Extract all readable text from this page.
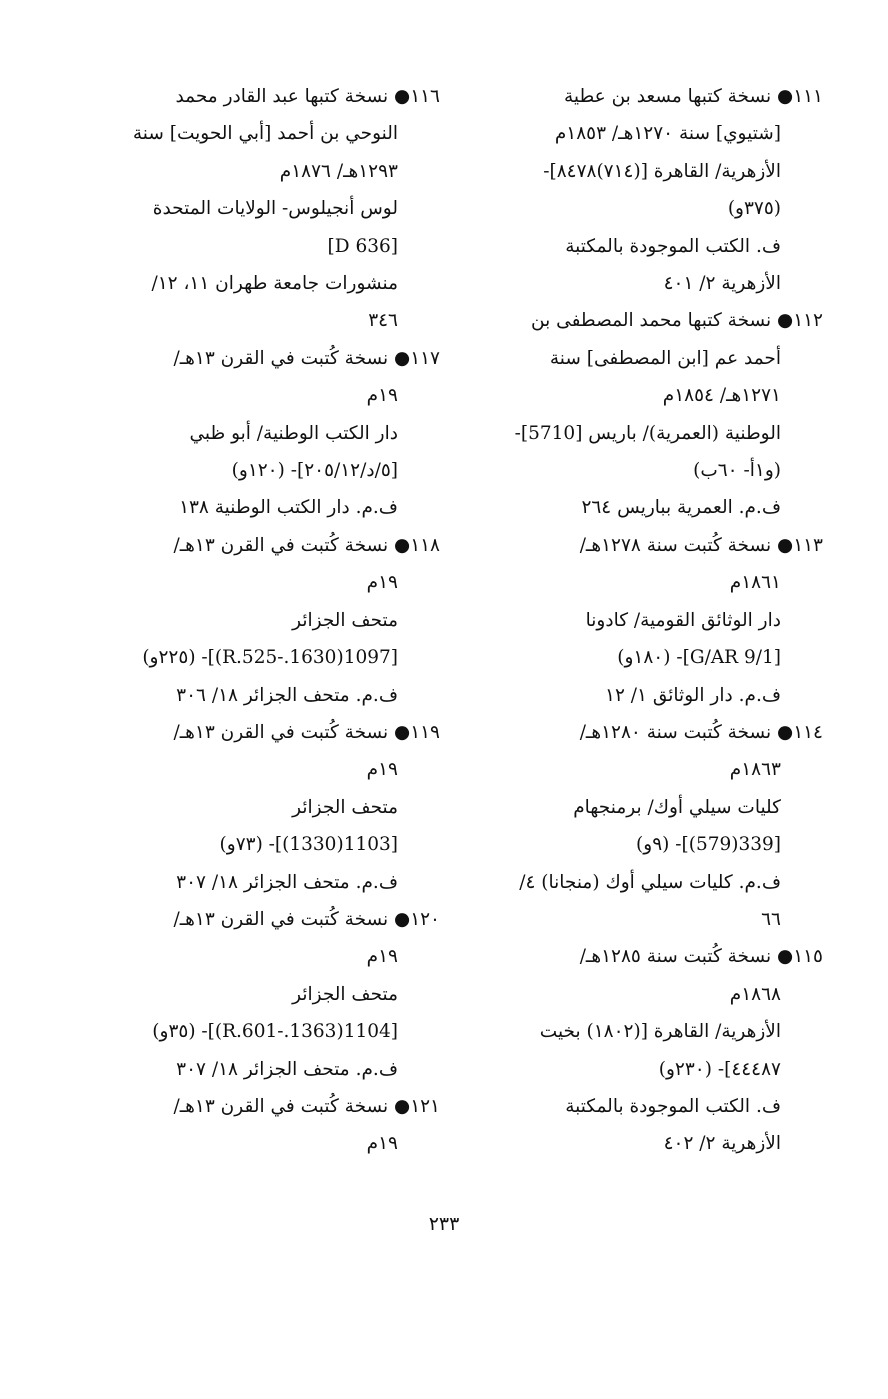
١١١● نسخة كتبها مسعد بن عطية
[شتيوي] سنة ١٢٧٠هـ/ ١٨٥٣م
الأزهرية/ القاهرة [(٧١٤)٨٤٧٨]-
(٣٧٥و)
ف. الكتب الموجودة بالمكتبة
الأزهرية ٢/ ٤٠١
١١٢● نسخة كتبها محمد المصطفى بن
أحمد عم [ابن المصطفى] سنة
١٢٧١هـ/ ١٨٥٤م
الوطنية (العمرية)/ باريس [5710]-
(و١أ- ٦٠ب)
ف.م. العمرية بباريس ٢٦٤
١١٣● نسخة كُتبت سنة ١٢٧٨هـ/
١٨٦١م
دار الوثائق القومية/ كادونا
[G/AR 9/1]- (١٨٠و)
ف.م. دار الوثائق ١/ ١٢
١١٤● نسخة كُتبت سنة ١٢٨٠هـ/
١٨٦٣م
كليات سيلي أوك/ برمنجهام
[339(579)]- (٩و)
ف.م. كليات سيلي أوك (منجانا) ٤/
٦٦
١١٥● نسخة كُتبت سنة ١٢٨٥هـ/
١٨٦٨م
الأزهرية/ القاهرة [(١٨٠٢) بخيت
٤٤٤٨٧]- (٢٣٠و)
ف. الكتب الموجودة بالمكتبة
الأزهرية ٢/ ٤٠٢
١١٦● نسخة كتبها عبد القادر محمد
النوحي بن أحمد [أبي الحويت] سنة
١٢٩٣هـ/ ١٨٧٦م
لوس أنجيلوس- الولايات المتحدة
[D 636]
منشورات جامعة طهران ١١، ١٢/
٣٤٦
١١٧● نسخة كُتبت في القرن ١٣هـ/
١٩م
دار الكتب الوطنية/ أبو ظبي
[٥/د/٢٠٥/١٢]- (١٢٠و)
ف.م. دار الكتب الوطنية ١٣٨
١١٨● نسخة كُتبت في القرن ١٣هـ/
١٩م
متحف الجزائر
[1097(1630.-R.525)]- (٢٢٥و)
ف.م. متحف الجزائر ١٨/ ٣٠٦
١١٩● نسخة كُتبت في القرن ١٣هـ/
١٩م
متحف الجزائر
[1103(1330)]- (٧٣و)
ف.م. متحف الجزائر ١٨/ ٣٠٧
١٢٠● نسخة كُتبت في القرن ١٣هـ/
١٩م
متحف الجزائر
[1104(1363.-R.601)]- (٣٥و)
ف.م. متحف الجزائر ١٨/ ٣٠٧
١٢١● نسخة كُتبت في القرن ١٣هـ/
١٩م
٢٣٣
